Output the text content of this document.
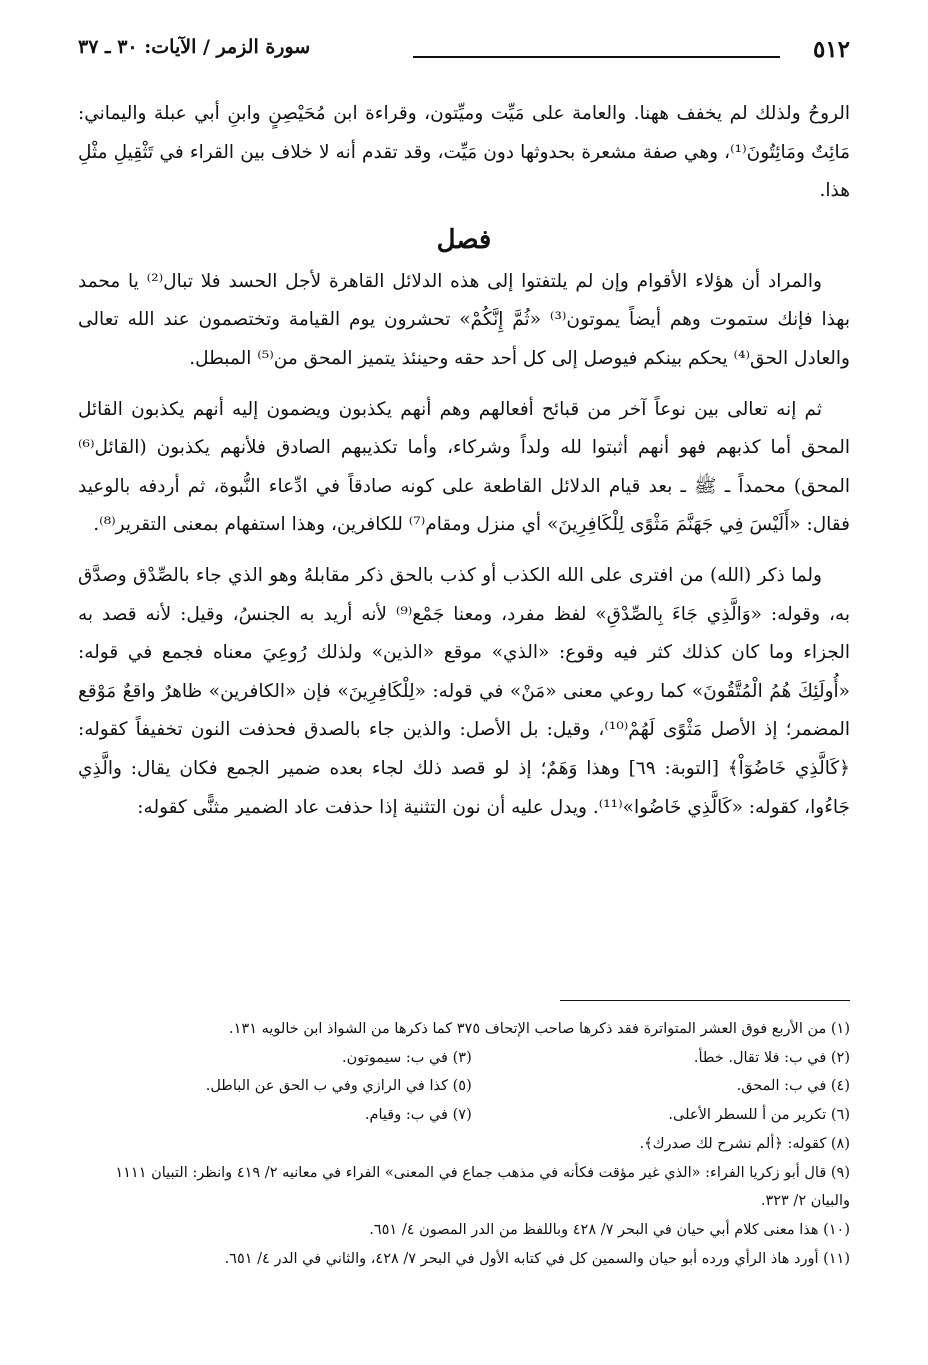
٥١٢
سورة الزمر / الآيات: ٣٠ ـ ٣٧

الروحُ ولذلك لم يخفف ههنا. والعامة على مَيِّت وميِّتون، وقراءة ابن مُحَيْصِنٍ وابنِ أبي عبلة واليماني: مَائِتٌ ومَائِتُونَ⁽¹⁾، وهي صفة مشعرة بحدوثها دون مَيِّت، وقد تقدم أنه لا خلاف بين القراء في تَثْقِيلِ مثْلِ هذا.

فصل

والمراد أن هؤلاء الأقوام وإن لم يلتفتوا إلى هذه الدلائل القاهرة لأجل الحسد فلا تبال⁽²⁾ يا محمد بهذا فإنك ستموت وهم أيضاً يموتون⁽³⁾ «ثُمَّ إِنَّكُمْ» تحشرون يوم القيامة وتختصمون عند الله تعالى والعادل الحق⁽⁴⁾ يحكم بينكم فيوصل إلى كل أحد حقه وحينئذ يتميز المحق من⁽⁵⁾ المبطل.

ثم إنه تعالى بين نوعاً آخر من قبائح أفعالهم وهم أنهم يكذبون ويضمون إليه أنهم يكذبون القائل المحق أما كذبهم فهو أنهم أثبتوا لله ولداً وشركاء، وأما تكذيبهم الصادق فلأنهم يكذبون (القائل⁽⁶⁾ المحق) محمداً ـ ﷺ ـ بعد قيام الدلائل القاطعة على كونه صادقاً في ادِّعاء النُّبوة، ثم أردفه بالوعيد فقال: «أَلَيْسَ فِي جَهَنَّمَ مَثْوًى لِلْكَافِرِينَ» أي منزل ومقام⁽⁷⁾ للكافرين، وهذا استفهام بمعنى التقرير⁽⁸⁾.

ولما ذكر (الله) من افترى على الله الكذب أو كذب بالحق ذكر مقابلهُ وهو الذي جاء بالصِّدْق وصدَّق به، وقوله: «وَالَّذِي جَاءَ بِالصِّدْقِ» لفظ مفرد، ومعنا جَمْع⁽⁹⁾ لأنه أريد به الجنسُ، وقيل: لأنه قصد به الجزاء وما كان كذلك كثر فيه وقوع: «الذي» موقع «الذين» ولذلك رُوعِيَ معناه فجمع في قوله: «أُولَئِكَ هُمُ الْمُتَّقُونَ» كما روعي معنى «مَنْ» في قوله: «لِلْكَافِرِينَ» فإن «الكافرين» ظاهرٌ واقعٌ مَوْقع المضمر؛ إذ الأصل مَثْوًى لَهُمْ⁽¹⁰⁾، وقيل: بل الأصل: والذين جاء بالصدق فحذفت النون تخفيفاً كقوله: ﴿كَالَّذِي خَاضُوٓاْ﴾ [التوبة: ٦٩] وهذا وَهَمٌ؛ إذ لو قصد ذلك لجاء بعده ضمير الجمع فكان يقال: والَّذِي جَاءُوا، كقوله: «كَالَّذِي خَاضُوا»⁽¹¹⁾. ويدل عليه أن نون التثنية إذا حذفت عاد الضمير مثنًّى كقوله:

(١) من الأربع فوق العشر المتواترة فقد ذكرها صاحب الإتحاف ٣٧٥ كما ذكرها من الشواذ ابن خالويه ١٣١.
(٢) في ب: فلا تقال. خطأ.
(٣) في ب: سيموتون.
(٤) في ب: المحق.
(٥) كذا في الرازي وفي ب الحق عن الباطل.
(٦) تكرير من أ للسطر الأعلى.
(٧) في ب: وقيام.
(٨) كقوله: ﴿ألم نشرح لك صدرك﴾.
(٩) قال أبو زكريا الفراء: «الذي غير مؤقت فكأنه في مذهب جماع في المعنى» الفراء في معانيه ٢/ ٤١٩ وانظر: التبيان ١١١١ والبيان ٢/ ٣٢٣.
(١٠) هذا معنى كلام أبي حيان في البحر ٧/ ٤٢٨ وباللفظ من الدر المصون ٤/ ٦٥١.
(١١) أورد هاذ الرأي ورده أبو حيان والسمين كل في كتابه الأول في البحر ٧/ ٤٢٨، والثاني في الدر ٤/ ٦٥١.
